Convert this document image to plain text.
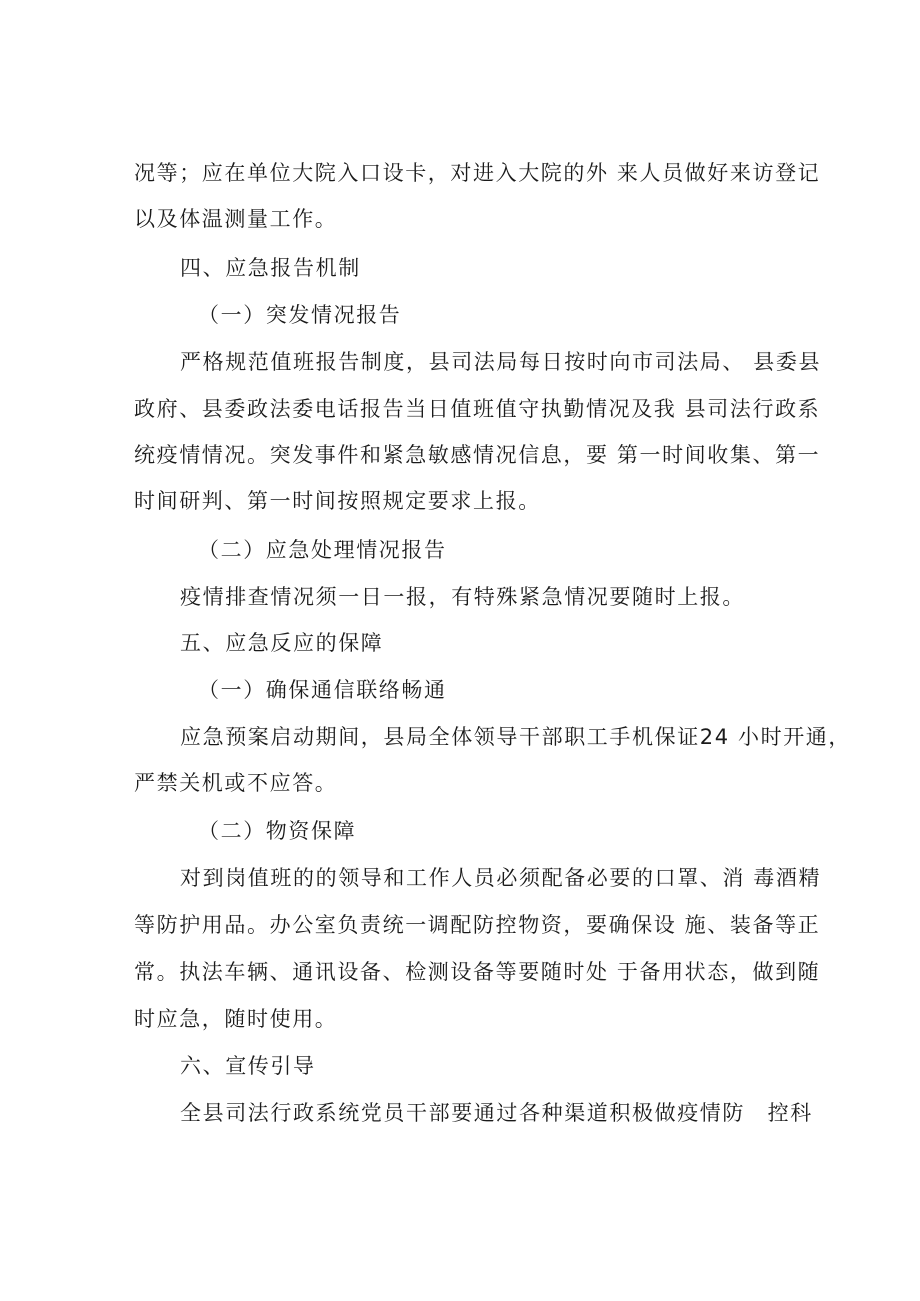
况等；应在单位大院入口设卡，对进入大院的外 来人员做好来访登记
以及体温测量工作。
四、应急报告机制
（一）突发情况报告
严格规范值班报告制度，县司法局每日按时向市司法局、 县委县
政府、县委政法委电话报告当日值班值守执勤情况及我 县司法行政系
统疫情情况。突发事件和紧急敏感情况信息，要 第一时间收集、第一
时间研判、第一时间按照规定要求上报。
（二）应急处理情况报告
疫情排查情况须一日一报，有特殊紧急情况要随时上报。
五、应急反应的保障
（一）确保通信联络畅通
应急预案启动期间，县局全体领导干部职工手机保证24 小时开通，
严禁关机或不应答。
（二）物资保障
对到岗值班的的领导和工作人员必须配备必要的口罩、消 毒酒精
等防护用品。办公室负责统一调配防控物资，要确保设 施、装备等正
常。执法车辆、通讯设备、检测设备等要随时处 于备用状态，做到随
时应急，随时使用。
六、宣传引导
全县司法行政系统党员干部要通过各种渠道积极做疫情防　控科
